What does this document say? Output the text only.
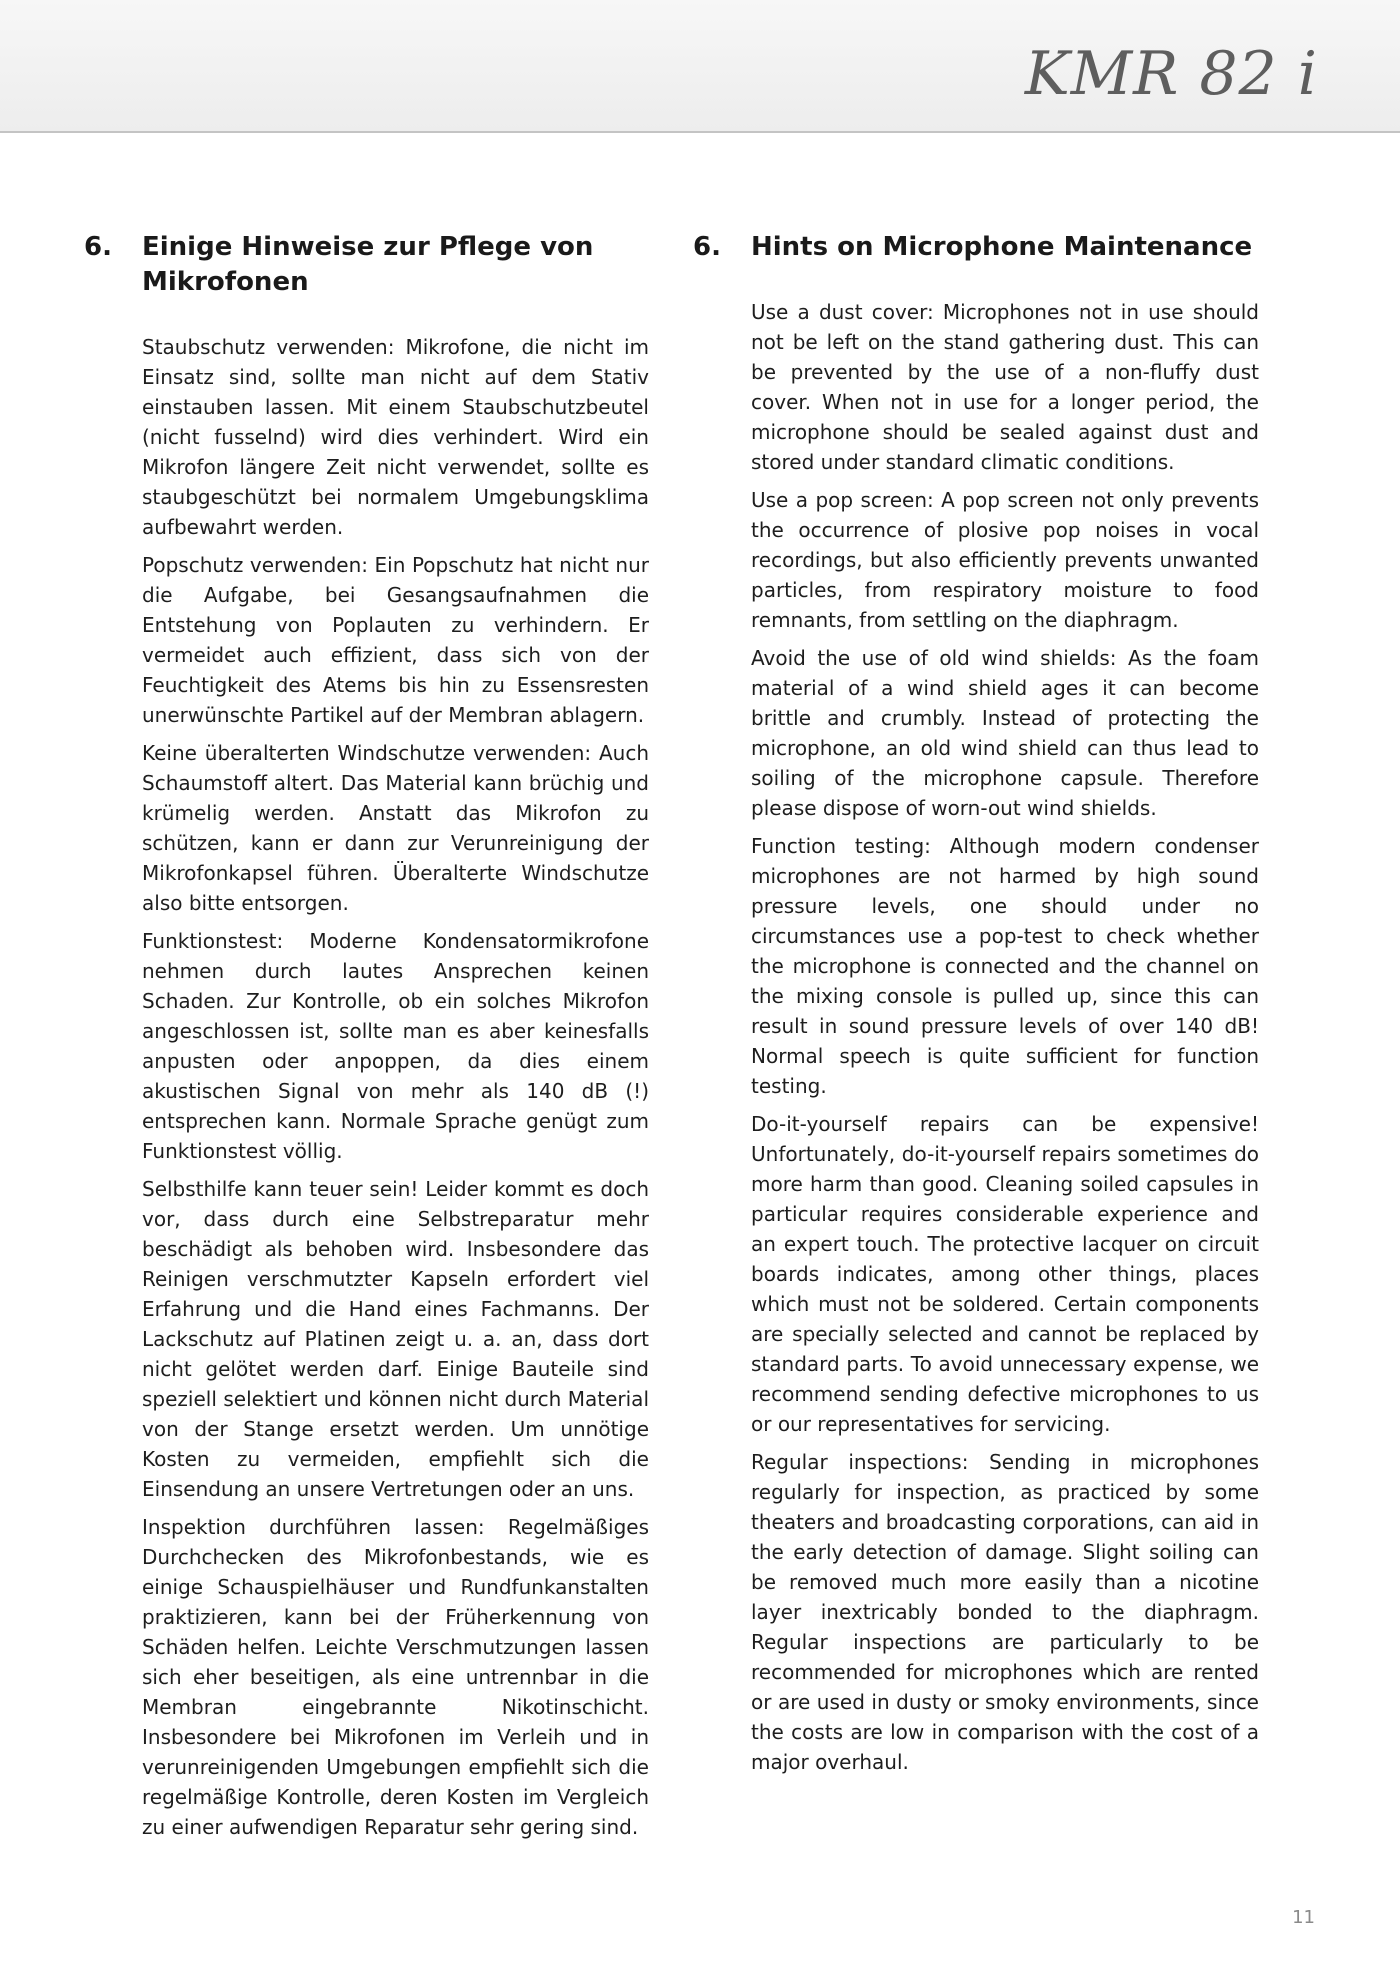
KMR 82 i
6.	Einige Hinweise zur Pflege von Mikrofonen

Staubschutz verwenden: Mikrofone, die nicht im Einsatz sind, sollte man nicht auf dem Stativ einstauben lassen. Mit einem Staubschutzbeutel (nicht fusselnd) wird dies verhindert. Wird ein Mikrofon längere Zeit nicht verwendet, sollte es staubgeschützt bei normalem Umgebungsklima aufbewahrt werden.

Popschutz verwenden: Ein Popschutz hat nicht nur die Aufgabe, bei Gesangsaufnahmen die Entstehung von Poplauten zu verhindern. Er vermeidet auch effizient, dass sich von der Feuchtigkeit des Atems bis hin zu Essensresten unerwünschte Partikel auf der Membran ablagern.

Keine überalterten Windschutze verwenden: Auch Schaumstoff altert. Das Material kann brüchig und krümelig werden. Anstatt das Mikrofon zu schützen, kann er dann zur Verunreinigung der Mikrofonkapsel führen. Überalterte Windschutze also bitte entsorgen.

Funktionstest: Moderne Kondensatormikrofone nehmen durch lautes Ansprechen keinen Schaden. Zur Kontrolle, ob ein solches Mikrofon angeschlossen ist, sollte man es aber keinesfalls anpusten oder anpoppen, da dies einem akustischen Signal von mehr als 140 dB (!) entsprechen kann. Normale Sprache genügt zum Funktionstest völlig.

Selbsthilfe kann teuer sein! Leider kommt es doch vor, dass durch eine Selbstreparatur mehr beschädigt als behoben wird. Insbesondere das Reinigen verschmutzter Kapseln erfordert viel Erfahrung und die Hand eines Fachmanns. Der Lackschutz auf Platinen zeigt u. a. an, dass dort nicht gelötet werden darf. Einige Bauteile sind speziell selektiert und können nicht durch Material von der Stange ersetzt werden. Um unnötige Kosten zu vermeiden, empfiehlt sich die Einsendung an unsere Vertretungen oder an uns.

Inspektion durchführen lassen: Regelmäßiges Durchchecken des Mikrofonbestands, wie es einige Schauspielhäuser und Rundfunkanstalten praktizieren, kann bei der Früherkennung von Schäden helfen. Leichte Verschmutzungen lassen sich eher beseitigen, als eine untrennbar in die Membran eingebrannte Nikotinschicht. Insbesondere bei Mikrofonen im Verleih und in verunreinigenden Umgebungen empfiehlt sich die regelmäßige Kontrolle, deren Kosten im Vergleich zu einer aufwendigen Reparatur sehr gering sind.

6.	Hints on Microphone Maintenance

Use a dust cover: Microphones not in use should not be left on the stand gathering dust. This can be prevented by the use of a non-fluffy dust cover. When not in use for a longer period, the microphone should be sealed against dust and stored under standard climatic conditions.

Use a pop screen: A pop screen not only prevents the occurrence of plosive pop noises in vocal recordings, but also efficiently prevents unwanted particles, from respiratory moisture to food remnants, from settling on the diaphragm.

Avoid the use of old wind shields: As the foam material of a wind shield ages it can become brittle and crumbly. Instead of protecting the microphone, an old wind shield can thus lead to soiling of the microphone capsule. Therefore please dispose of worn-out wind shields.

Function testing: Although modern condenser microphones are not harmed by high sound pressure levels, one should under no circumstances use a pop-test to check whether the microphone is connected and the channel on the mixing console is pulled up, since this can result in sound pressure levels of over 140 dB! Normal speech is quite sufficient for function testing.

Do-it-yourself repairs can be expensive! Unfortunately, do-it-yourself repairs sometimes do more harm than good. Cleaning soiled capsules in particular requires considerable experience and an expert touch. The protective lacquer on circuit boards indicates, among other things, places which must not be soldered. Certain components are specially selected and cannot be replaced by standard parts. To avoid unnecessary expense, we recommend sending defective microphones to us or our representatives for servicing.

Regular inspections: Sending in microphones regularly for inspection, as practiced by some theaters and broadcasting corporations, can aid in the early detection of damage. Slight soiling can be removed much more easily than a nicotine layer inextricably bonded to the diaphragm. Regular inspections are particularly to be recommended for microphones which are rented or are used in dusty or smoky environments, since the costs are low in comparison with the cost of a major overhaul.

11
